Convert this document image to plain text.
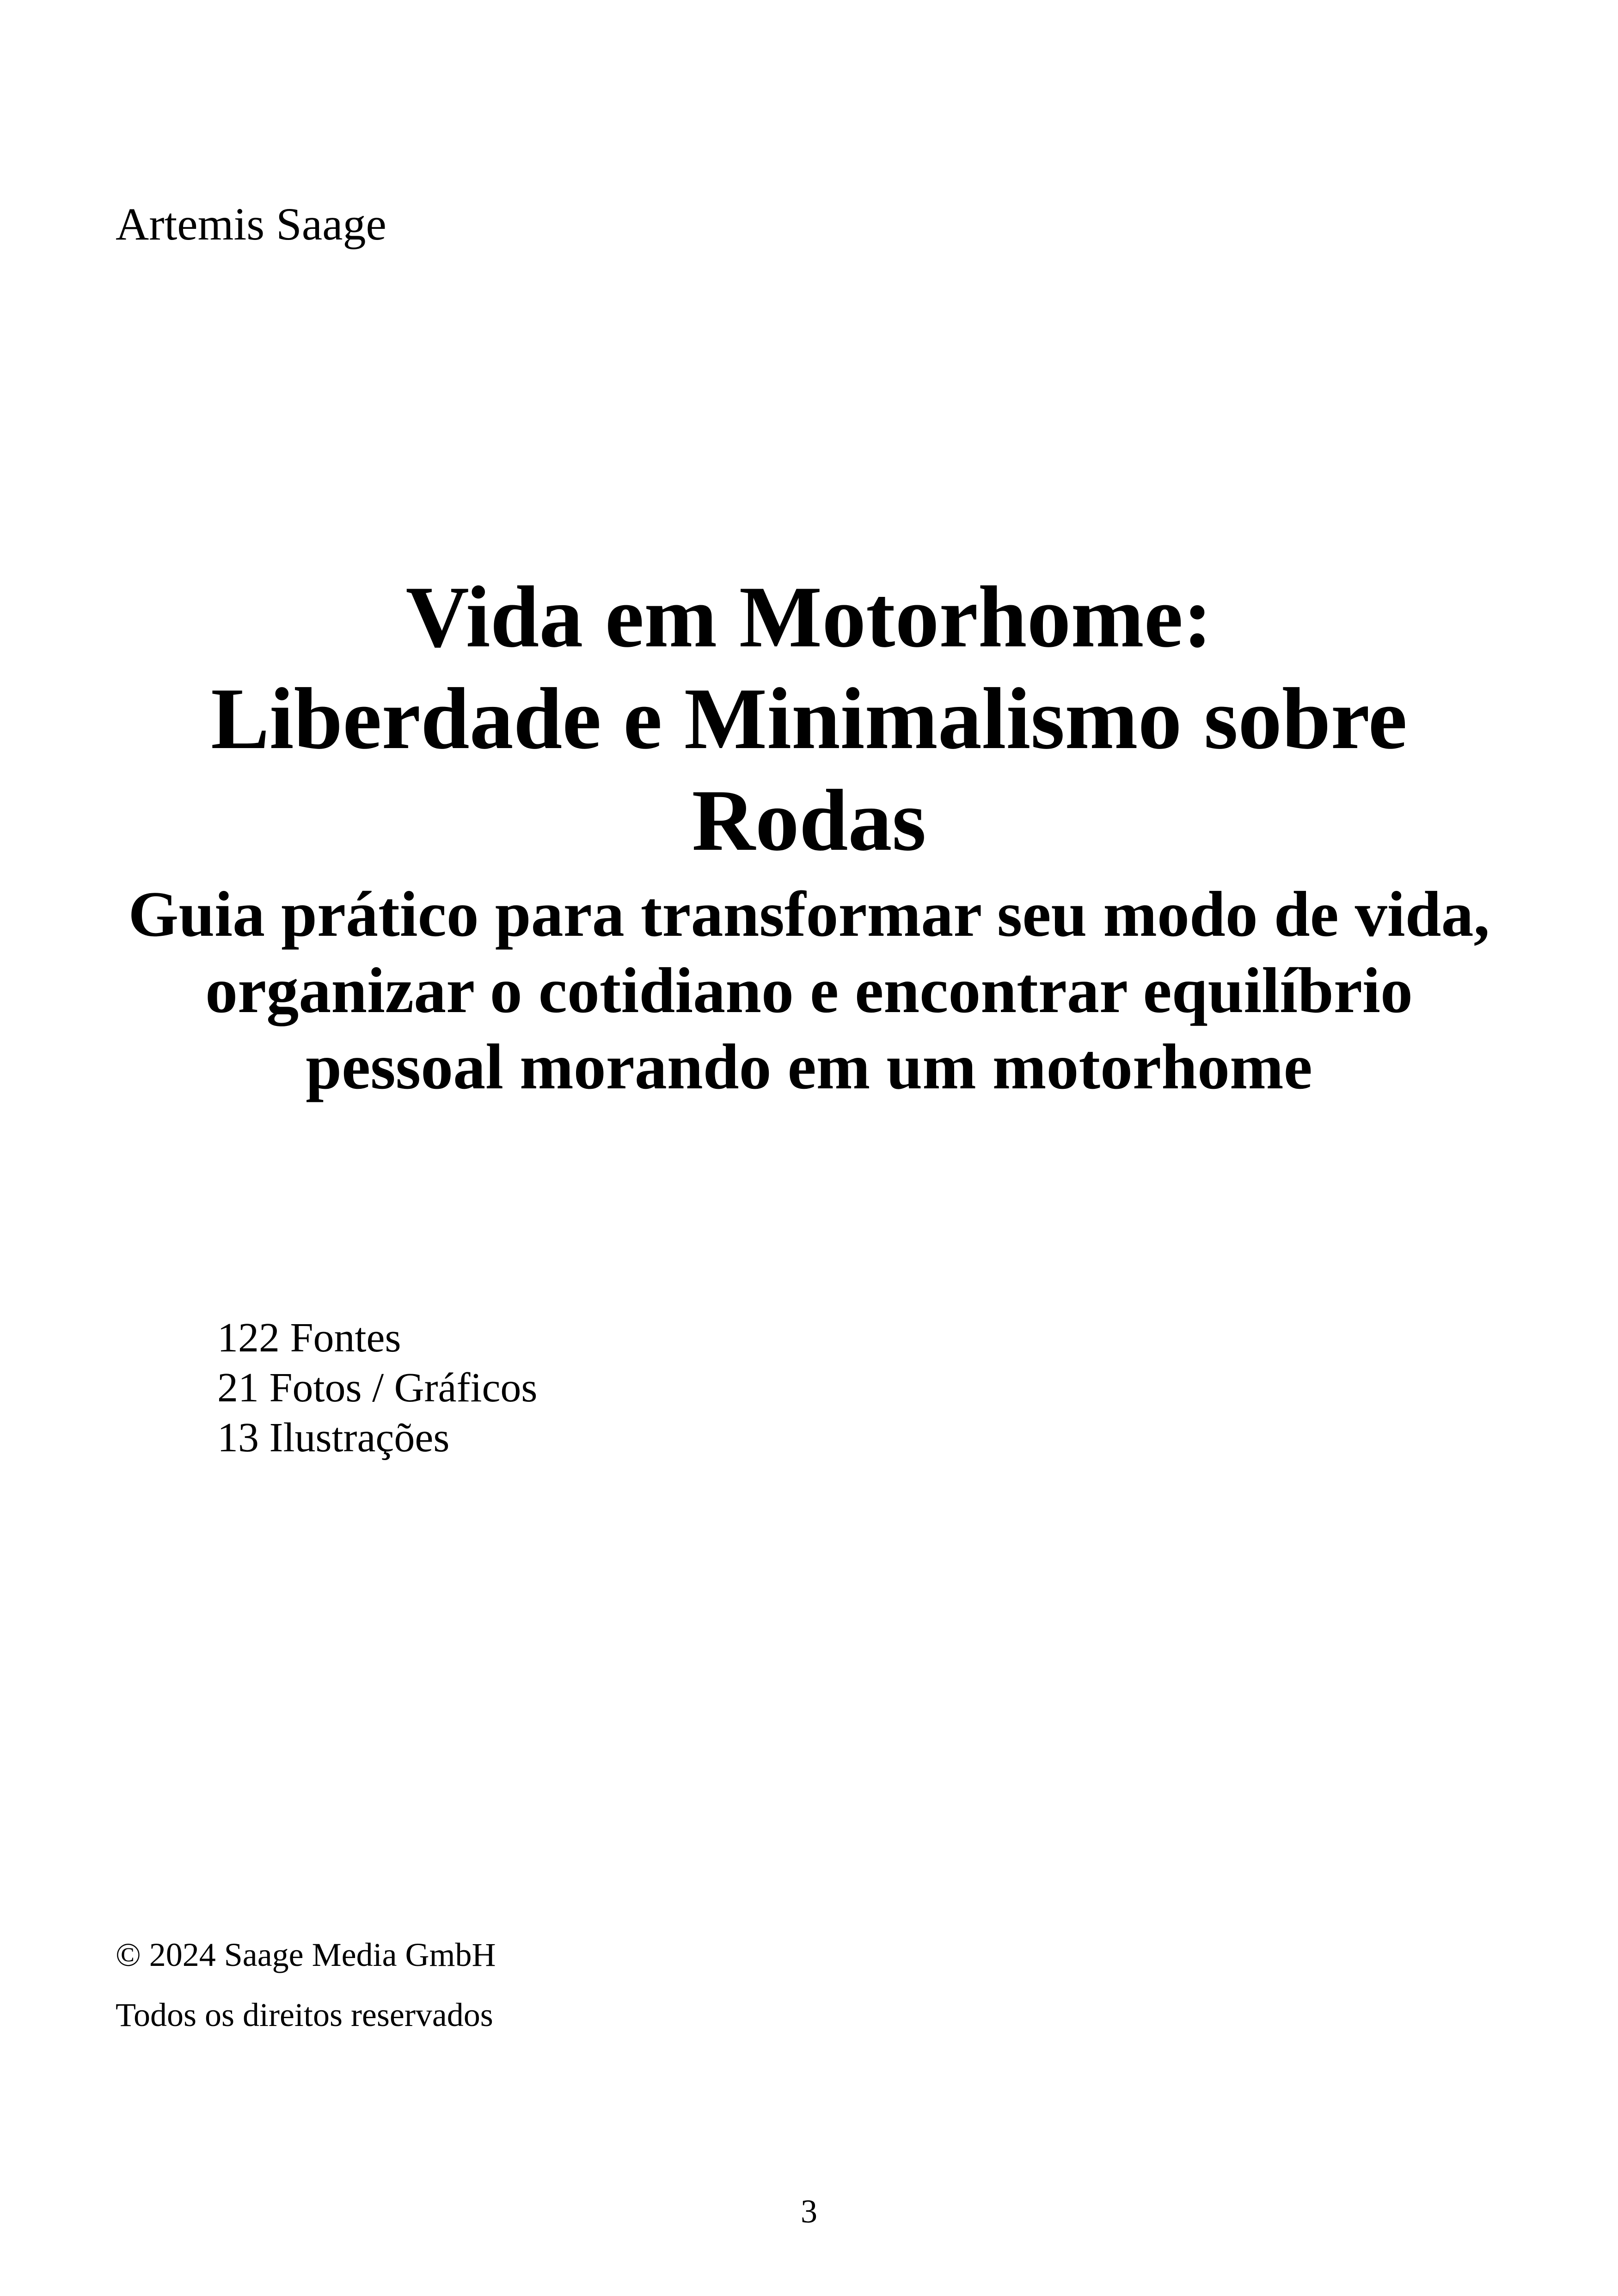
Artemis Saage
Vida em Motorhome:
Liberdade e Minimalismo sobre
Rodas
Guia prático para transformar seu modo de vida,
organizar o cotidiano e encontrar equilíbrio
pessoal morando em um motorhome
122 Fontes
21 Fotos / Gráficos
13 Ilustrações
© 2024 Saage Media GmbH
Todos os direitos reservados
3
